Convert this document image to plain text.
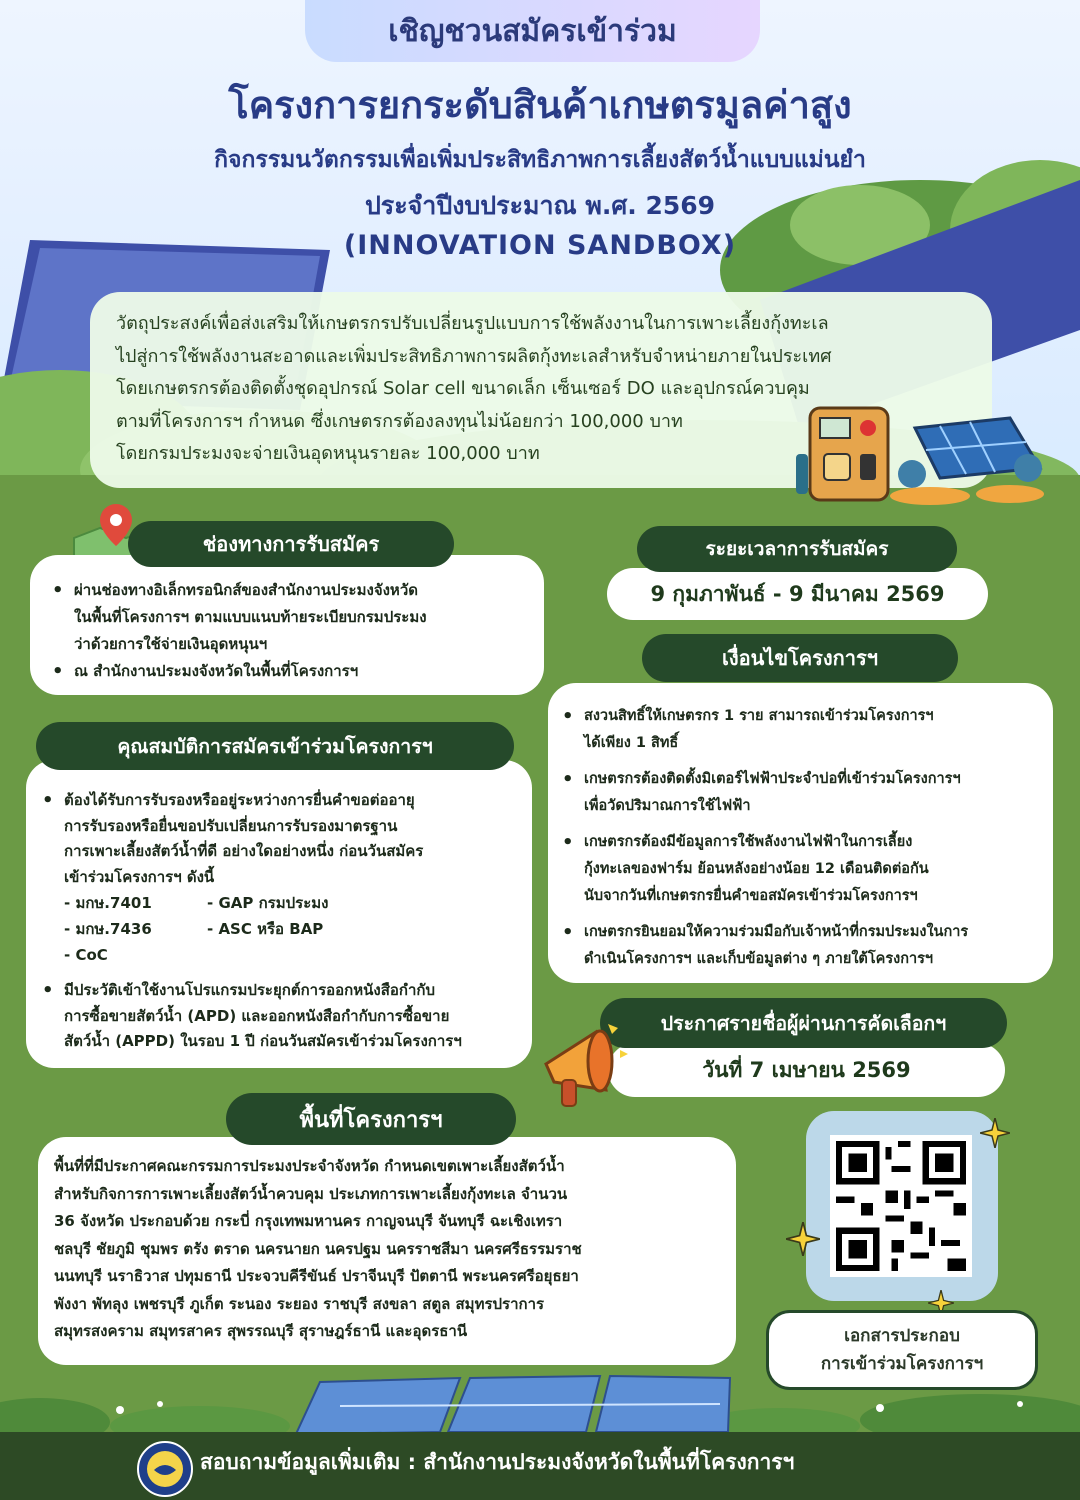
เชิญชวนสมัครเข้าร่วม
โครงการยกระดับสินค้าเกษตรมูลค่าสูง
กิจกรรมนวัตกรรมเพื่อเพิ่มประสิทธิภาพการเลี้ยงสัตว์น้ำแบบแม่นยำ
ประจำปีงบประมาณ พ.ศ. 2569
(INNOVATION SANDBOX)

วัตถุประสงค์เพื่อส่งเสริมให้เกษตรกรปรับเปลี่ยนรูปแบบการใช้พลังงานในการเพาะเลี้ยงกุ้งทะเล

ไปสู่การใช้พลังงานสะอาดและเพิ่มประสิทธิภาพการผลิตกุ้งทะเลสำหรับจำหน่ายภายในประเทศ

โดยเกษตรกรต้องติดตั้งชุดอุปกรณ์ Solar cell ขนาดเล็ก เซ็นเซอร์ DO และอุปกรณ์ควบคุม

ตามที่โครงการฯ กำหนด ซึ่งเกษตรกรต้องลงทุนไม่น้อยกว่า 100,000 บาท

โดยกรมประมงจะจ่ายเงินอุดหนุนรายละ 100,000 บาท

• ผ่านช่องทางอิเล็กทรอนิกส์ของสำนักงานประมงจังหวัด
ในพื้นที่โครงการฯ ตามแบบแนบท้ายระเบียบกรมประมง
ว่าด้วยการใช้จ่ายเงินอุดหนุนฯ
• ณ สำนักงานประมงจังหวัดในพื้นที่โครงการฯ
ช่องทางการรับสมัคร
• ต้องได้รับการรับรองหรืออยู่ระหว่างการยื่นคำขอต่ออายุ
การรับรองหรือยื่นขอปรับเปลี่ยนการรับรองมาตรฐาน
การเพาะเลี้ยงสัตว์น้ำที่ดี อย่างใดอย่างหนึ่ง ก่อนวันสมัคร
เข้าร่วมโครงการฯ ดังนี้
- มกษ.7401	- GAP กรมประมง
- มกษ.7436	- ASC หรือ BAP
- CoC
• มีประวัติเข้าใช้งานโปรแกรมประยุกต์การออกหนังสือกำกับ
การซื้อขายสัตว์น้ำ (APD) และออกหนังสือกำกับการซื้อขาย
สัตว์น้ำ (APPD) ในรอบ 1 ปี ก่อนวันสมัครเข้าร่วมโครงการฯ
คุณสมบัติการสมัครเข้าร่วมโครงการฯ
9 กุมภาพันธ์ - 9 มีนาคม 2569
ระยะเวลาการรับสมัคร
• สงวนสิทธิ์ให้เกษตรกร 1 ราย สามารถเข้าร่วมโครงการฯ
ได้เพียง 1 สิทธิ์
• เกษตรกรต้องติดตั้งมิเตอร์ไฟฟ้าประจำบ่อที่เข้าร่วมโครงการฯ
เพื่อวัดปริมาณการใช้ไฟฟ้า
• เกษตรกรต้องมีข้อมูลการใช้พลังงานไฟฟ้าในการเลี้ยง
กุ้งทะเลของฟาร์ม ย้อนหลังอย่างน้อย 12 เดือนติดต่อกัน
นับจากวันที่เกษตรกรยื่นคำขอสมัครเข้าร่วมโครงการฯ
• เกษตรกรยินยอมให้ความร่วมมือกับเจ้าหน้าที่กรมประมงในการ
ดำเนินโครงการฯ และเก็บข้อมูลต่าง ๆ ภายใต้โครงการฯ
เงื่อนไขโครงการฯ
วันที่ 7 เมษายน 2569
ประกาศรายชื่อผู้ผ่านการคัดเลือกฯ

พื้นที่ที่มีประกาศคณะกรรมการประมงประจำจังหวัด กำหนดเขตเพาะเลี้ยงสัตว์น้ำ

สำหรับกิจการการเพาะเลี้ยงสัตว์น้ำควบคุม ประเภทการเพาะเลี้ยงกุ้งทะเล จำนวน

36 จังหวัด ประกอบด้วย กระบี่ กรุงเทพมหานคร กาญจนบุรี จันทบุรี ฉะเชิงเทรา

ชลบุรี ชัยภูมิ ชุมพร ตรัง ตราด นครนายก นครปฐม นครราชสีมา นครศรีธรรมราช

นนทบุรี นราธิวาส ปทุมธานี ประจวบคีรีขันธ์ ปราจีนบุรี ปัตตานี พระนครศรีอยุธยา

พังงา พัทลุง เพชรบุรี ภูเก็ต ระนอง ระยอง ราชบุรี สงขลา สตูล สมุทรปราการ

สมุทรสงคราม สมุทรสาคร สุพรรณบุรี สุราษฎร์ธานี และอุดรธานี

พื้นที่โครงการฯ
เอกสารประกอบ
การเข้าร่วมโครงการฯ
สอบถามข้อมูลเพิ่มเติม : สำนักงานประมงจังหวัดในพื้นที่โครงการฯ
